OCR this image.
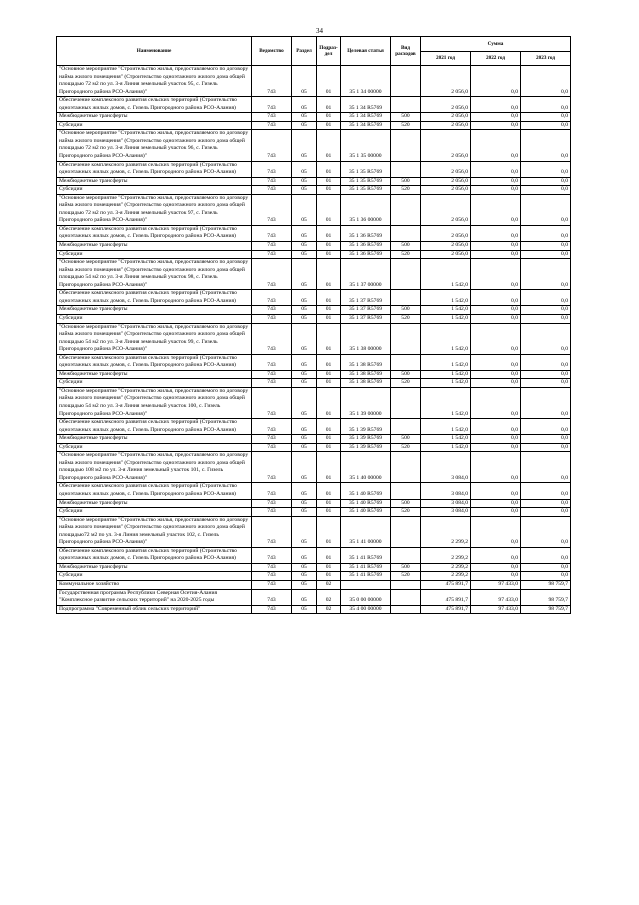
34
Наименование	Ведомство	Раздел	Подраз-дел	Целевая статья	Вид расходов	Сумма		
						2021 год	2022 год	2023 год
"Основное мероприятие "Строительство жилья, предоставляемого по договору найма жилого помещения" (Строительство одноэтажного жилого дома общей площадью 72 м2 по ул. 3-я Линия земельный участок 95, с. Гизель Пригородного района РСО-Алания)"	743	05	01	35 1 34 00000		2 056,0	0,0	0,0
Обеспечение комплексного развития сельских территорий (Строительство одноэтажных жилых домов, с. Гизель Пригородного района РСО-Алания)	743	05	01	35 1 34 R5769		2 056,0	0,0	0,0
Межбюджетные трансферты	743	05	01	35 1 34 R5769	500	2 056,0	0,0	0,0
Субсидии	743	05	01	35 1 34 R5769	520	2 056,0	0,0	0,0
"Основное мероприятие "Строительство жилья, предоставляемого по договору найма жилого помещения" (Строительство одноэтажного жилого дома общей площадью 72 м2 по ул. 3-я Линия земельный участок 96, с. Гизель Пригородного района РСО-Алания)"	743	05	01	35 1 35 00000		2 056,0	0,0	0,0
Обеспечение комплексного развития сельских территорий (Строительство одноэтажных жилых домов, с. Гизель Пригородного района РСО-Алания)	743	05	01	35 1 35 R5769		2 056,0	0,0	0,0
Межбюджетные трансферты	743	05	01	35 1 35 R5769	500	2 056,0	0,0	0,0
Субсидии	743	05	01	35 1 35 R5769	520	2 056,0	0,0	0,0
"Основное мероприятие "Строительство жилья, предоставляемого по договору найма жилого помещения" (Строительство одноэтажного жилого дома общей площадью 72 м2 по ул. 3-я Линия земельный участок 97, с. Гизель Пригородного района РСО-Алания)"	743	05	01	35 1 36 00000		2 056,0	0,0	0,0
Обеспечение комплексного развития сельских территорий (Строительство одноэтажных жилых домов, с. Гизель Пригородного района РСО-Алания)	743	05	01	35 1 36 R5769		2 056,0	0,0	0,0
Межбюджетные трансферты	743	05	01	35 1 36 R5769	500	2 056,0	0,0	0,0
Субсидии	743	05	01	35 1 36 R5769	520	2 056,0	0,0	0,0
"Основное мероприятие "Строительство жилья, предоставляемого по договору найма жилого помещения" (Строительство одноэтажного жилого дома общей площадью 54 м2 по ул. 3-я Линия земельный участок 98, с. Гизель Пригородного района РСО-Алания)"	743	05	01	35 1 37 00000		1 542,0	0,0	0,0
Обеспечение комплексного развития сельских территорий (Строительство одноэтажных жилых домов, с. Гизель Пригородного района РСО-Алания)	743	05	01	35 1 37 R5769		1 542,0	0,0	0,0
Межбюджетные трансферты	743	05	01	35 1 37 R5769	500	1 542,0	0,0	0,0
Субсидии	743	05	01	35 1 37 R5769	520	1 542,0	0,0	0,0
"Основное мероприятие "Строительство жилья, предоставляемого по договору найма жилого помещения" (Строительство одноэтажного жилого дома общей площадью 54 м2 по ул. 3-я Линия земельный участок 99, с. Гизель Пригородного района РСО-Алания)"	743	05	01	35 1 38 00000		1 542,0	0,0	0,0
Обеспечение комплексного развития сельских территорий (Строительство одноэтажных жилых домов, с. Гизель Пригородного района РСО-Алания)	743	05	01	35 1 38 R5769		1 542,0	0,0	0,0
Межбюджетные трансферты	743	05	01	35 1 38 R5769	500	1 542,0	0,0	0,0
Субсидии	743	05	01	35 1 38 R5769	520	1 542,0	0,0	0,0
"Основное мероприятие "Строительство жилья, предоставляемого по договору найма жилого помещения" (Строительство одноэтажного жилого дома общей площадью 54 м2 по ул. 3-я Линия земельный участок 100, с. Гизель Пригородного района РСО-Алания)"	743	05	01	35 1 39 00000		1 542,0	0,0	0,0
Обеспечение комплексного развития сельских территорий (Строительство одноэтажных жилых домов, с. Гизель Пригородного района РСО-Алания)	743	05	01	35 1 39 R5769		1 542,0	0,0	0,0
Межбюджетные трансферты	743	05	01	35 1 39 R5769	500	1 542,0	0,0	0,0
Субсидии	743	05	01	35 1 39 R5769	520	1 542,0	0,0	0,0
"Основное мероприятие "Строительство жилья, предоставляемого по договору найма жилого помещения" (Строительство одноэтажного жилого дома общей площадью 108 м2 по ул. 3-я Линия земельный участок 101, с. Гизель Пригородного района РСО-Алания)"	743	05	01	35 1 40 00000		3 084,0	0,0	0,0
Обеспечение комплексного развития сельских территорий (Строительство одноэтажных жилых домов, с. Гизель Пригородного района РСО-Алания)	743	05	01	35 1 40 R5769		3 084,0	0,0	0,0
Межбюджетные трансферты	743	05	01	35 1 40 R5769	500	3 084,0	0,0	0,0
Субсидии	743	05	01	35 1 40 R5769	520	3 084,0	0,0	0,0
"Основное мероприятие "Строительство жилья, предоставляемого по договору найма жилого помещения" (Строительство одноэтажного жилого дома общей площадью72 м2 по ул. 3-я Линия земельный участок 102, с. Гизель Пригородного района РСО-Алания)"	743	05	01	35 1 41 00000		2 299,2	0,0	0,0
Обеспечение комплексного развития сельских территорий (Строительство одноэтажных жилых домов, с. Гизель Пригородного района РСО-Алания)	743	05	01	35 1 41 R5769		2 299,2	0,0	0,0
Межбюджетные трансферты	743	05	01	35 1 41 R5769	500	2 299,2	0,0	0,0
Субсидии	743	05	01	35 1 41 R5769	520	2 299,2	0,0	0,0
Коммунальное хозяйство	743	05	02			475 891,7	97 433,0	98 759,7
Государственная программа Республики Северная Осетия-Алания "Комплексное развитие сельских территорий" на 2020-2025 годы	743	05	02	35 0 00 00000		475 891,7	97 433,0	98 759,7
Подпрограмма "Современный облик сельских территорий"	743	05	02	35 4 00 00000		475 891,7	97 433,0	98 759,7
